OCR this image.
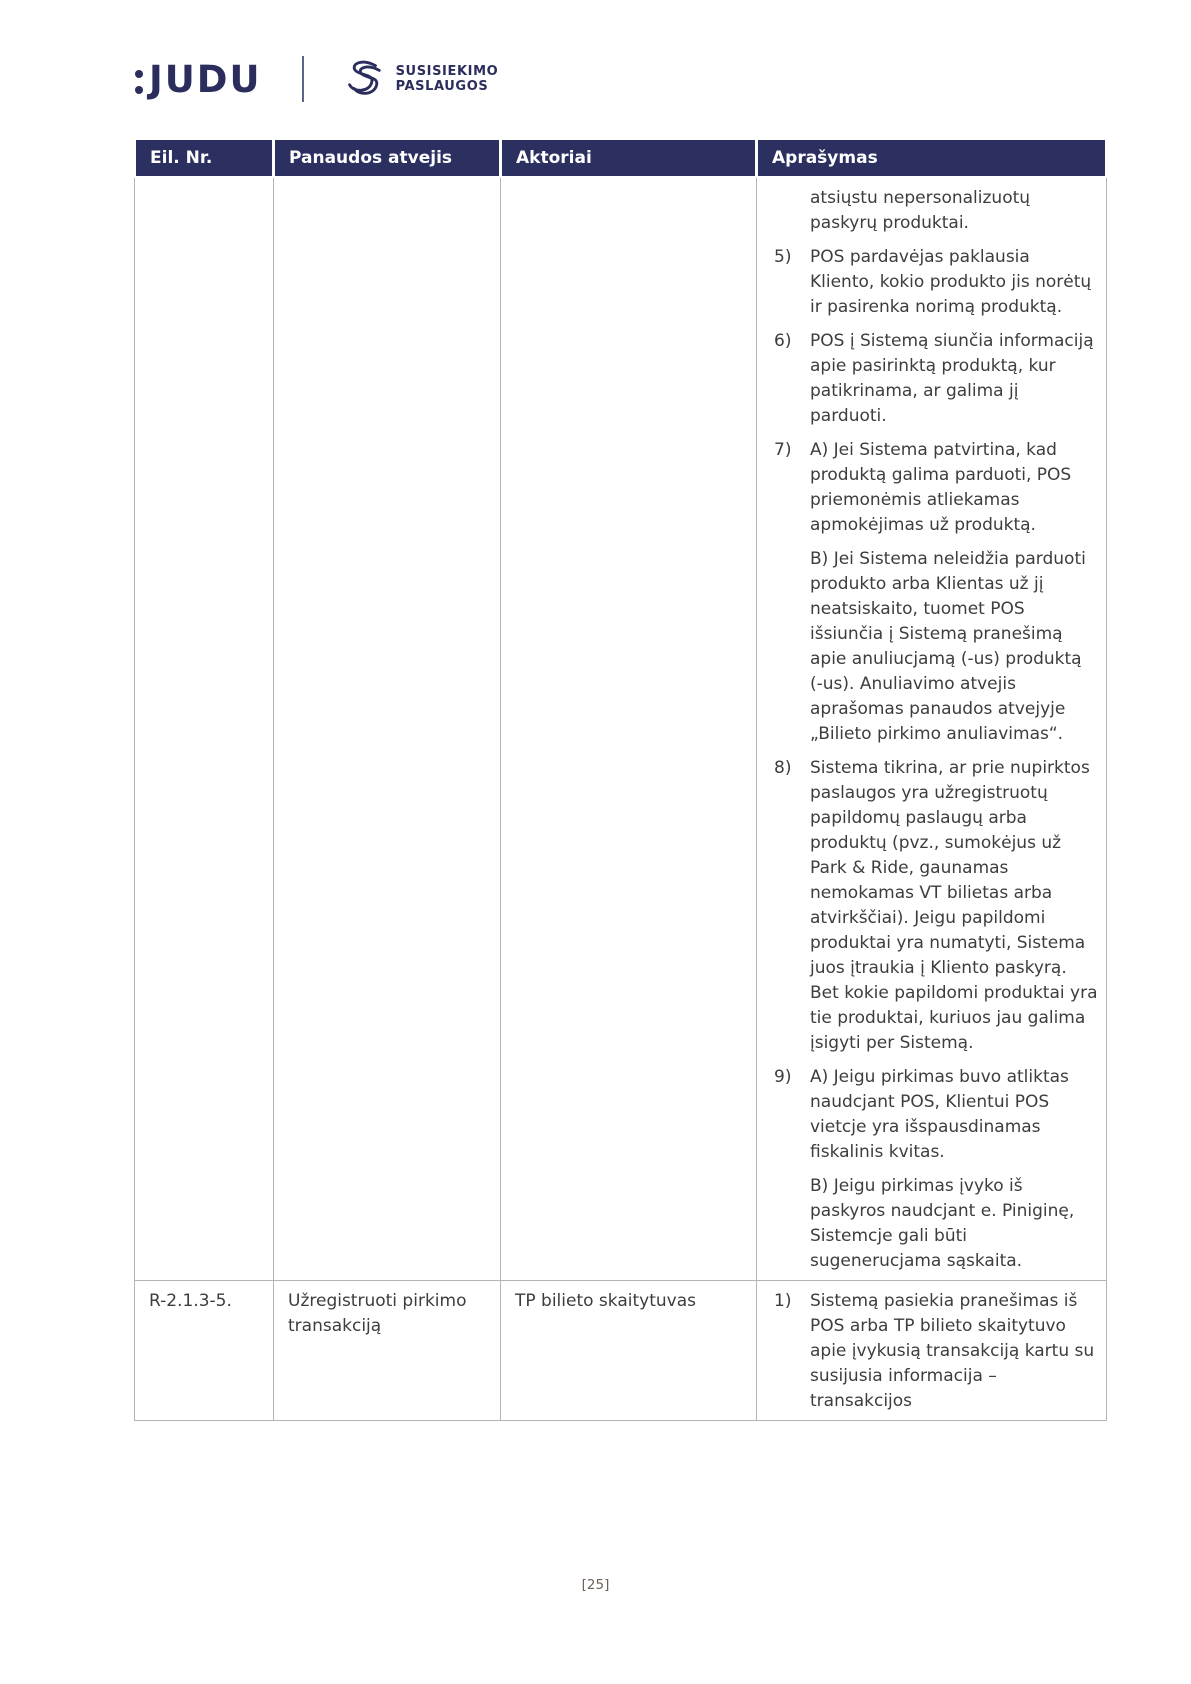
JUDU	SUSISIEKIMO
PASLAUGOS
Eil. Nr.	Panaudos atvejis	Aktoriai	Aprašymas

atsiųstu nepersonalizuotų paskyrų produktai.
5)	POS pardavėjas paklausia Kliento, kokio produkto jis norėtų ir pasirenka norimą produktą.
6)	POS į Sistemą siunčia informaciją apie pasirinktą produktą, kur patikrinama, ar galima jį parduoti.
7)	A) Jei Sistema patvirtina, kad produktą galima parduoti, POS priemonėmis atliekamas apmokėjimas už produktą.
B) Jei Sistema neleidžia parduoti produkto arba Klientas už jį neatsiskaito, tuomet POS išsiunčia į Sistemą pranešimą apie anuliucjamą (-us) produktą (-us). Anuliavimo atvejis aprašomas panaudos atvejyje „Bilieto pirkimo anuliavimas“.
8)	Sistema tikrina, ar prie nupirktos paslaugos yra užregistruotų papildomų paslaugų arba produktų (pvz., sumokėjus už Park & Ride, gaunamas nemokamas VT bilietas arba atvirkščiai). Jeigu papildomi produktai yra numatyti, Sistema juos įtraukia į Kliento paskyrą. Bet kokie papildomi produktai yra tie produktai, kuriuos jau galima įsigyti per Sistemą.
9)	A) Jeigu pirkimas buvo atliktas naudcjant POS, Klientui POS vietcje yra išspausdinamas fiskalinis kvitas.
B) Jeigu pirkimas įvyko iš paskyros naudcjant e. Piniginę, Sistemcje gali būti sugenerucjama sąskaita.

R-2.1.3-5.	Užregistruoti pirkimo transakciją	TP bilieto skaitytuvas	1) Sistemą pasiekia pranešimas iš POS arba TP bilieto skaitytuvo apie įvykusią transakciją kartu su susijusia informacija – transakcijos
[25]
